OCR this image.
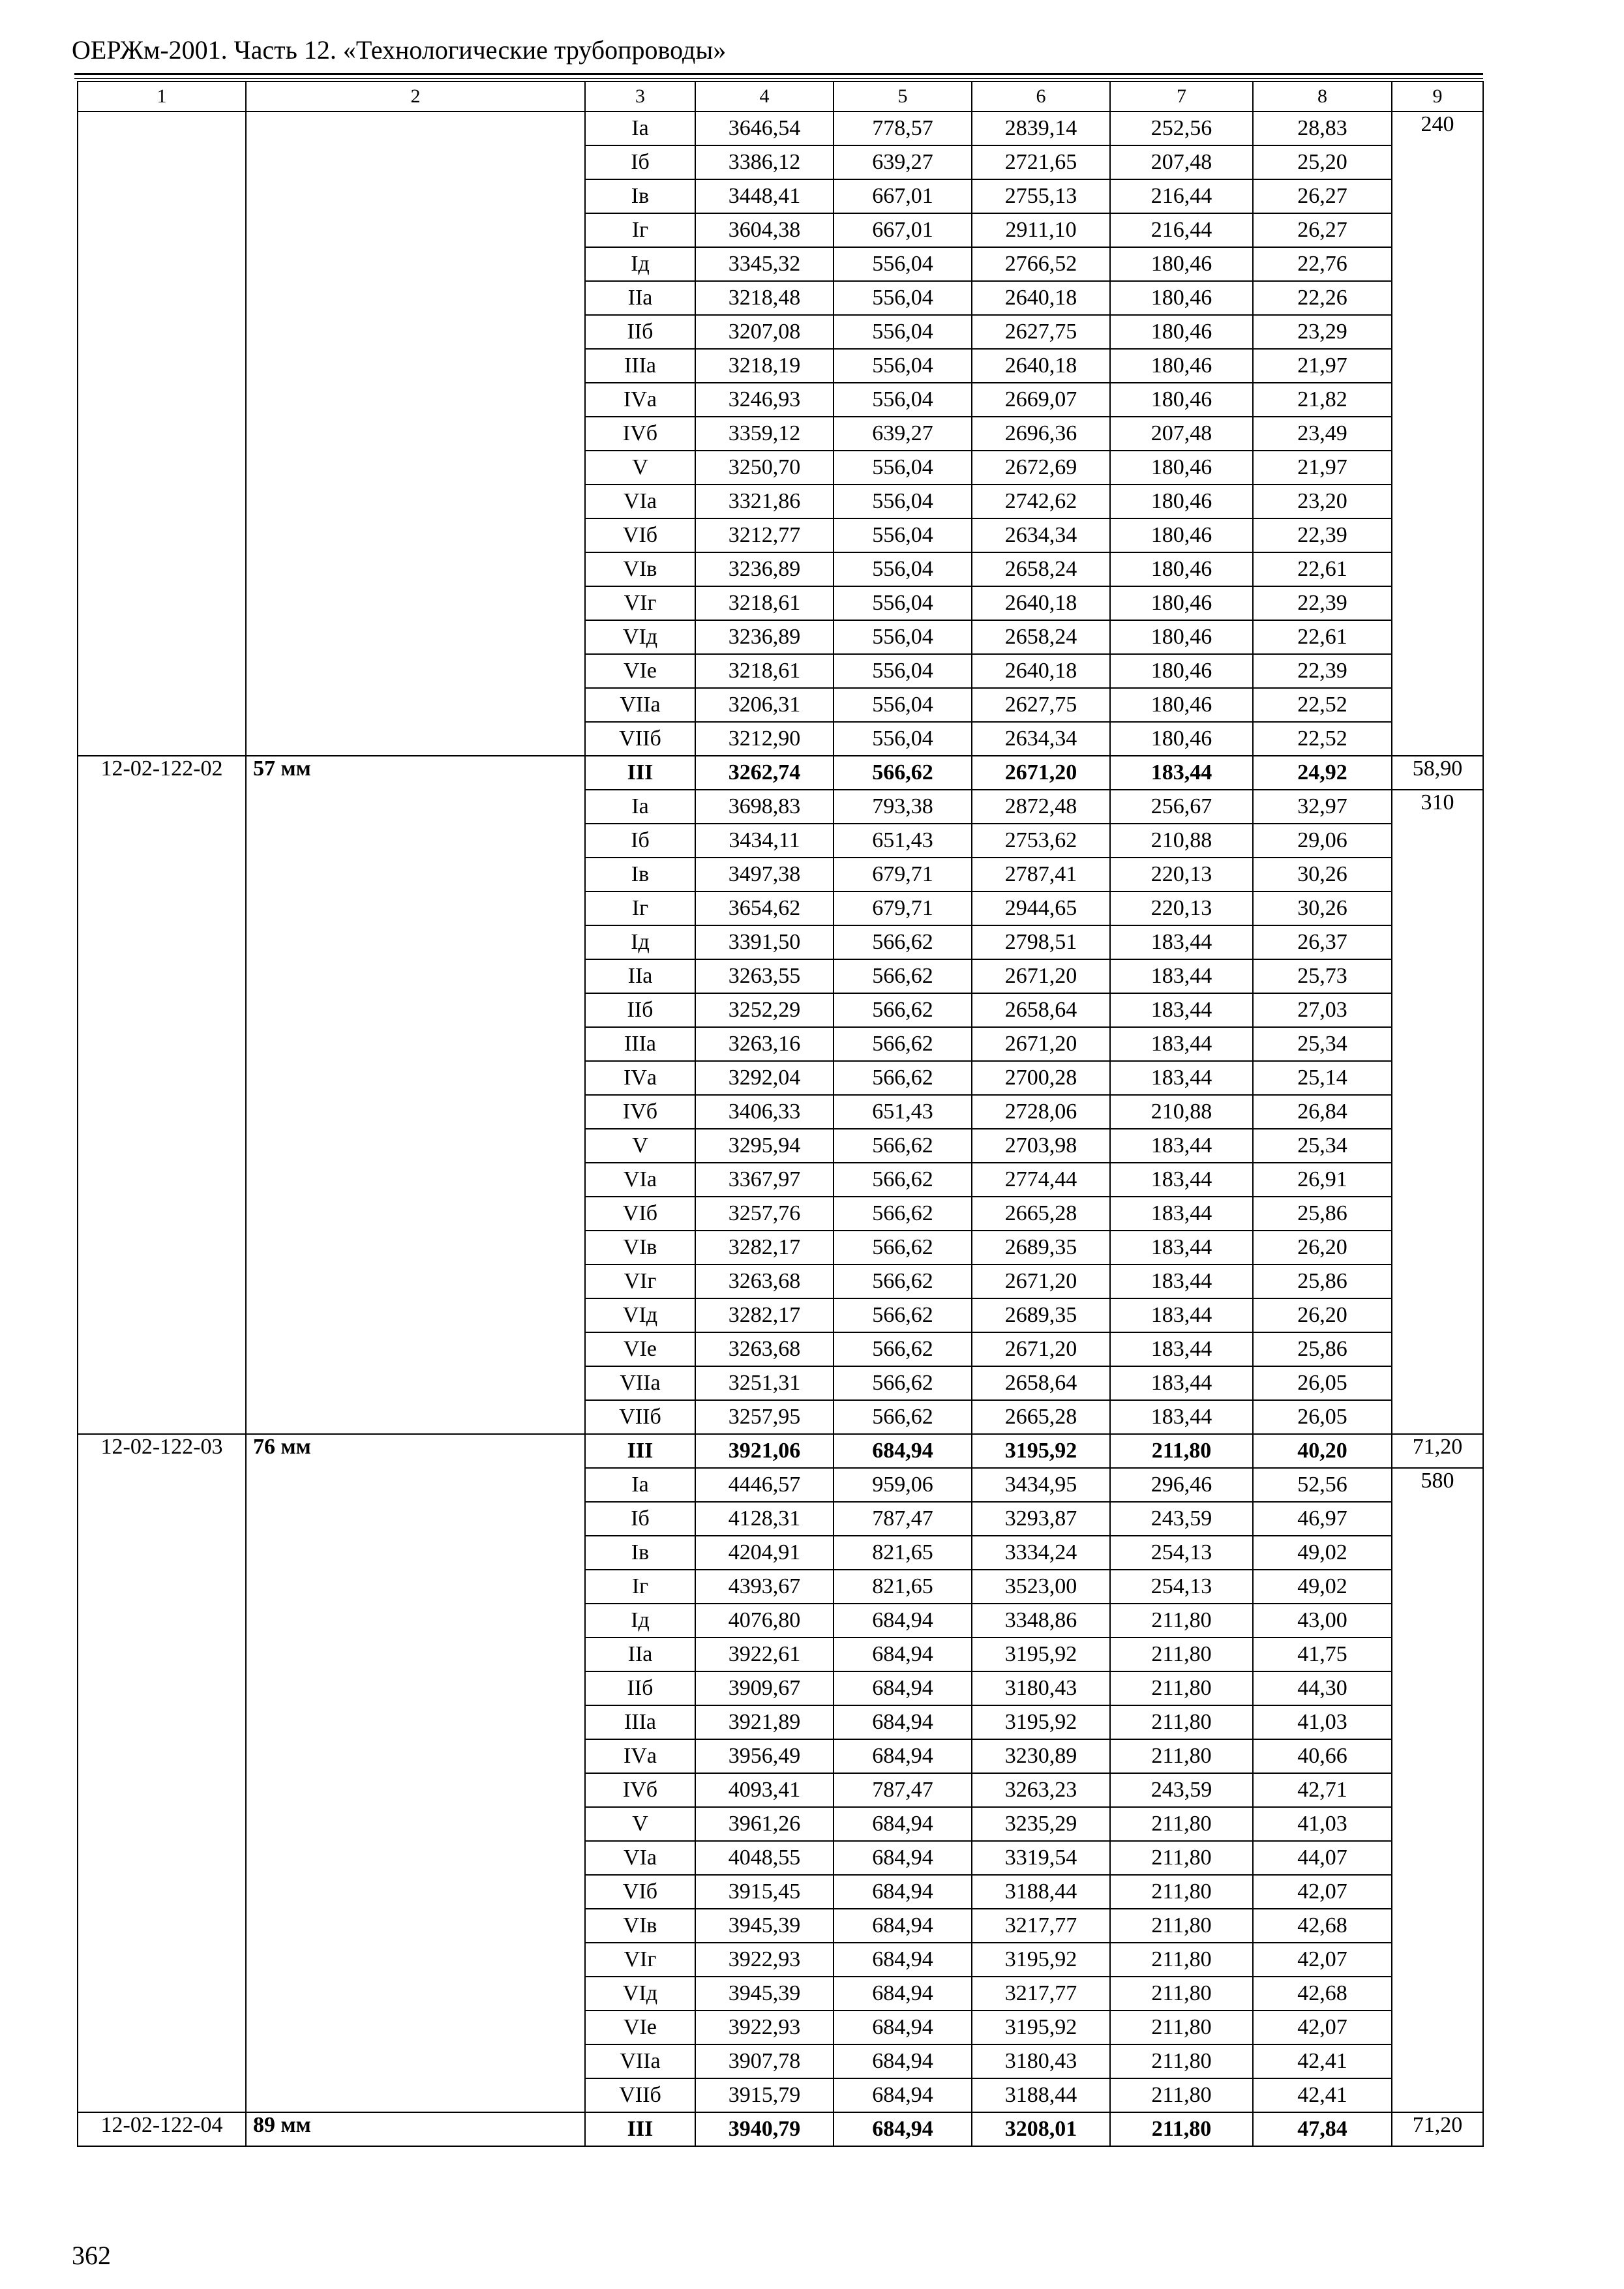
ОЕРЖм-2001. Часть 12. «Технологические трубопроводы»
1	2	3	4	5	6	7	8	9
		Iа	3646,54	778,57	2839,14	252,56	28,83	240
		Iб	3386,12	639,27	2721,65	207,48	25,20	
		Iв	3448,41	667,01	2755,13	216,44	26,27	
		Iг	3604,38	667,01	2911,10	216,44	26,27	
		Iд	3345,32	556,04	2766,52	180,46	22,76	
		IIа	3218,48	556,04	2640,18	180,46	22,26	
		IIб	3207,08	556,04	2627,75	180,46	23,29	
		IIIа	3218,19	556,04	2640,18	180,46	21,97	
		IVа	3246,93	556,04	2669,07	180,46	21,82	
		IVб	3359,12	639,27	2696,36	207,48	23,49	
		V	3250,70	556,04	2672,69	180,46	21,97	
		VIа	3321,86	556,04	2742,62	180,46	23,20	
		VIб	3212,77	556,04	2634,34	180,46	22,39	
		VIв	3236,89	556,04	2658,24	180,46	22,61	
		VIг	3218,61	556,04	2640,18	180,46	22,39	
		VIд	3236,89	556,04	2658,24	180,46	22,61	
		VIе	3218,61	556,04	2640,18	180,46	22,39	
		VIIа	3206,31	556,04	2627,75	180,46	22,52	
		VIIб	3212,90	556,04	2634,34	180,46	22,52	
12-02-122-02	57 мм	III	3262,74	566,62	2671,20	183,44	24,92	58,90
		Iа	3698,83	793,38	2872,48	256,67	32,97	310
		Iб	3434,11	651,43	2753,62	210,88	29,06	
		Iв	3497,38	679,71	2787,41	220,13	30,26	
		Iг	3654,62	679,71	2944,65	220,13	30,26	
		Iд	3391,50	566,62	2798,51	183,44	26,37	
		IIа	3263,55	566,62	2671,20	183,44	25,73	
		IIб	3252,29	566,62	2658,64	183,44	27,03	
		IIIа	3263,16	566,62	2671,20	183,44	25,34	
		IVа	3292,04	566,62	2700,28	183,44	25,14	
		IVб	3406,33	651,43	2728,06	210,88	26,84	
		V	3295,94	566,62	2703,98	183,44	25,34	
		VIа	3367,97	566,62	2774,44	183,44	26,91	
		VIб	3257,76	566,62	2665,28	183,44	25,86	
		VIв	3282,17	566,62	2689,35	183,44	26,20	
		VIг	3263,68	566,62	2671,20	183,44	25,86	
		VIд	3282,17	566,62	2689,35	183,44	26,20	
		VIе	3263,68	566,62	2671,20	183,44	25,86	
		VIIа	3251,31	566,62	2658,64	183,44	26,05	
		VIIб	3257,95	566,62	2665,28	183,44	26,05	
12-02-122-03	76 мм	III	3921,06	684,94	3195,92	211,80	40,20	71,20
		Iа	4446,57	959,06	3434,95	296,46	52,56	580
		Iб	4128,31	787,47	3293,87	243,59	46,97	
		Iв	4204,91	821,65	3334,24	254,13	49,02	
		Iг	4393,67	821,65	3523,00	254,13	49,02	
		Iд	4076,80	684,94	3348,86	211,80	43,00	
		IIа	3922,61	684,94	3195,92	211,80	41,75	
		IIб	3909,67	684,94	3180,43	211,80	44,30	
		IIIа	3921,89	684,94	3195,92	211,80	41,03	
		IVа	3956,49	684,94	3230,89	211,80	40,66	
		IVб	4093,41	787,47	3263,23	243,59	42,71	
		V	3961,26	684,94	3235,29	211,80	41,03	
		VIа	4048,55	684,94	3319,54	211,80	44,07	
		VIб	3915,45	684,94	3188,44	211,80	42,07	
		VIв	3945,39	684,94	3217,77	211,80	42,68	
		VIг	3922,93	684,94	3195,92	211,80	42,07	
		VIд	3945,39	684,94	3217,77	211,80	42,68	
		VIе	3922,93	684,94	3195,92	211,80	42,07	
		VIIа	3907,78	684,94	3180,43	211,80	42,41	
		VIIб	3915,79	684,94	3188,44	211,80	42,41	
12-02-122-04	89 мм	III	3940,79	684,94	3208,01	211,80	47,84	71,20
362
